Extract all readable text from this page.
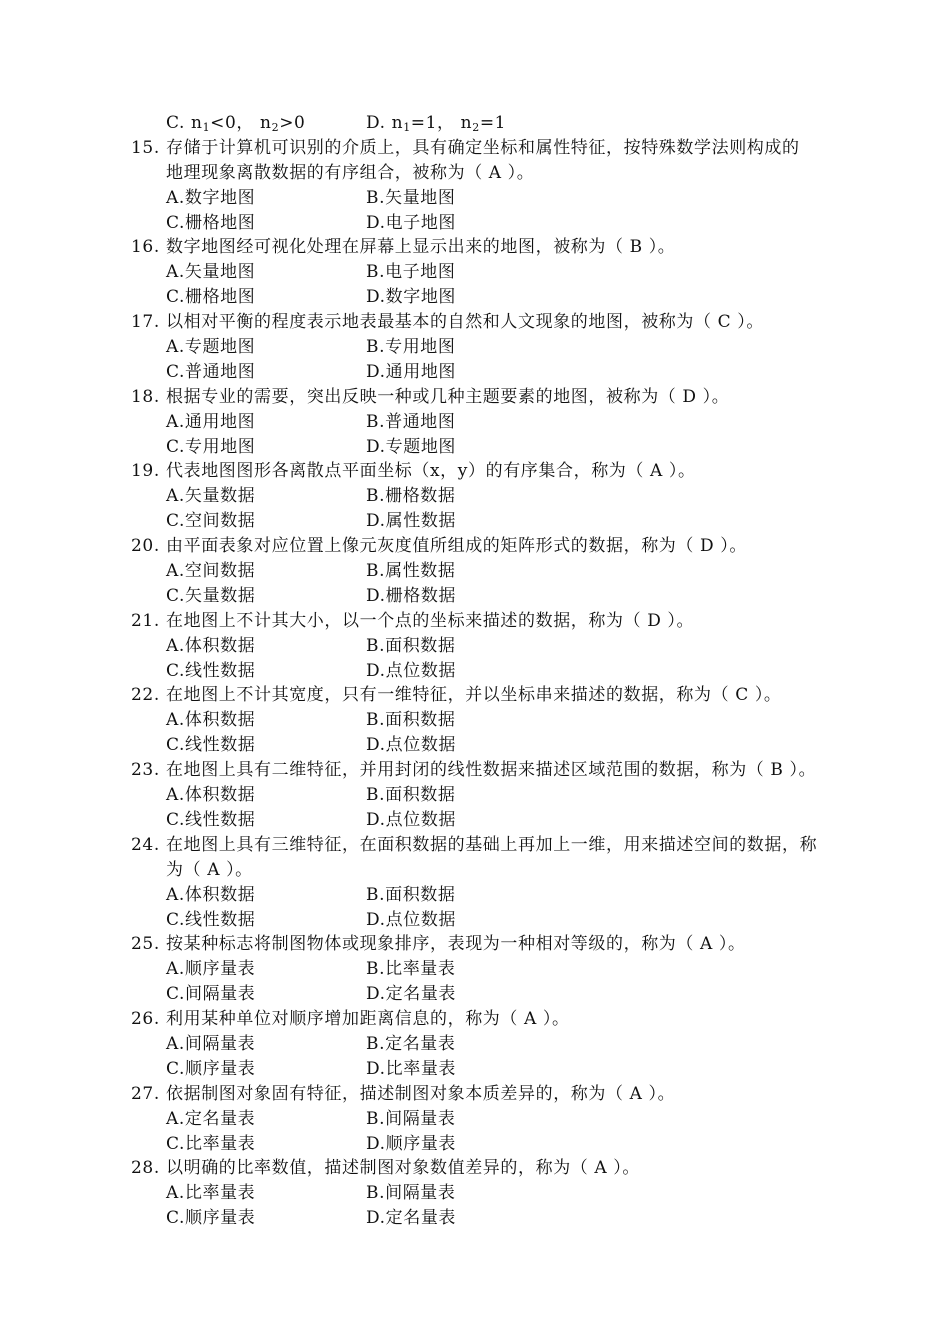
C. $n_1<0$， $n_2>0$	D. $n_1=1$， $n_2=1$
15. 存储于计算机可识别的介质上，具有确定坐标和属性特征，按特殊数学法则构成的
地理现象离散数据的有序组合，被称为（ A ）。
A.数字地图	B.矢量地图
C.栅格地图	D.电子地图
16. 数字地图经可视化处理在屏幕上显示出来的地图，被称为（ B ）。
A.矢量地图	B.电子地图
C.栅格地图	D.数字地图
17. 以相对平衡的程度表示地表最基本的自然和人文现象的地图，被称为（ C ）。
A.专题地图	B.专用地图
C.普通地图	D.通用地图
18. 根据专业的需要，突出反映一种或几种主题要素的地图，被称为（ D ）。
A.通用地图	B.普通地图
C.专用地图	D.专题地图
19. 代表地图图形各离散点平面坐标（x，y）的有序集合，称为（ A ）。
A.矢量数据	B.栅格数据
C.空间数据	D.属性数据
20. 由平面表象对应位置上像元灰度值所组成的矩阵形式的数据，称为（ D ）。
A.空间数据	B.属性数据
C.矢量数据	D.栅格数据
21. 在地图上不计其大小，以一个点的坐标来描述的数据，称为（ D ）。
A.体积数据	B.面积数据
C.线性数据	D.点位数据
22. 在地图上不计其宽度，只有一维特征，并以坐标串来描述的数据，称为（ C ）。
A.体积数据	B.面积数据
C.线性数据	D.点位数据
23. 在地图上具有二维特征，并用封闭的线性数据来描述区域范围的数据，称为（ B ）。
A.体积数据	B.面积数据
C.线性数据	D.点位数据
24. 在地图上具有三维特征，在面积数据的基础上再加上一维，用来描述空间的数据，称
为（ A ）。
A.体积数据	B.面积数据
C.线性数据	D.点位数据
25. 按某种标志将制图物体或现象排序，表现为一种相对等级的，称为（ A ）。
A.顺序量表	B.比率量表
C.间隔量表	D.定名量表
26. 利用某种单位对顺序增加距离信息的，称为（ A ）。
A.间隔量表	B.定名量表
C.顺序量表	D.比率量表
27. 依据制图对象固有特征，描述制图对象本质差异的，称为（ A ）。
A.定名量表	B.间隔量表
C.比率量表	D.顺序量表
28. 以明确的比率数值，描述制图对象数值差异的，称为（ A ）。
A.比率量表	B.间隔量表
C.顺序量表	D.定名量表
